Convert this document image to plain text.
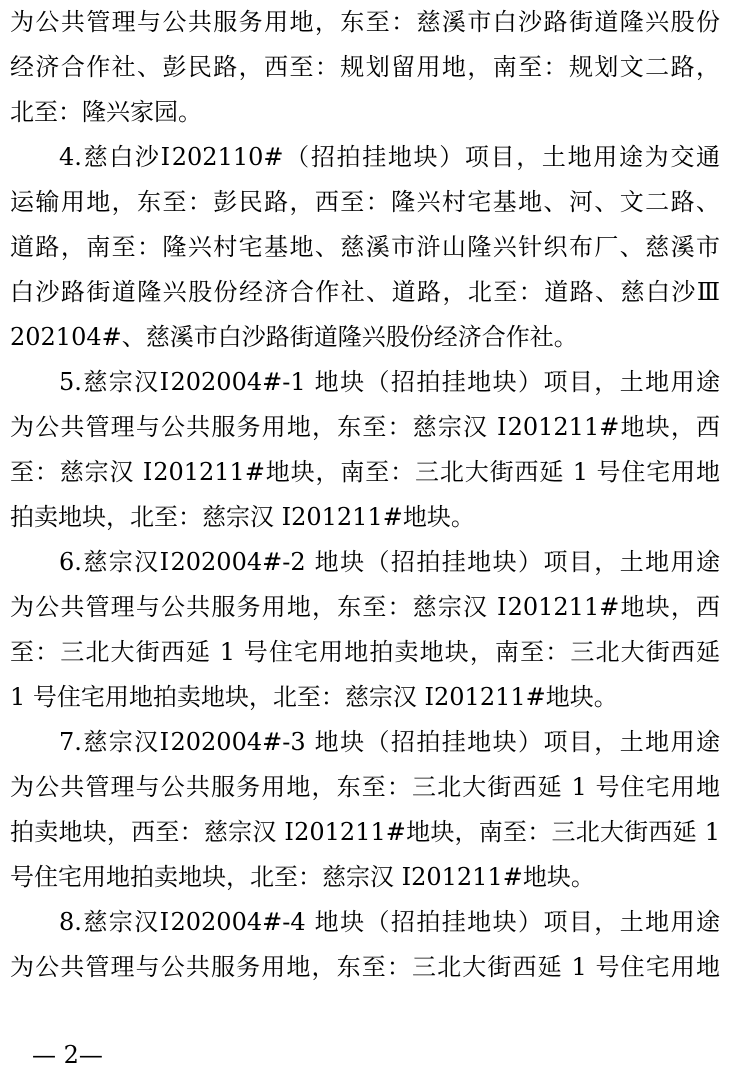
为公共管理与公共服务用地，东至：慈溪市白沙路街道隆兴股份
经济合作社、彭民路，西至：规划留用地，南至：规划文二路，
北至：隆兴家园。
4.慈白沙Ⅰ202110#（招拍挂地块）项目，土地用途为交通
运输用地，东至：彭民路，西至：隆兴村宅基地、河、文二路、
道路，南至：隆兴村宅基地、慈溪市浒山隆兴针织布厂、慈溪市
白沙路街道隆兴股份经济合作社、道路，北至：道路、慈白沙Ⅲ
202104#、慈溪市白沙路街道隆兴股份经济合作社。
5.慈宗汉Ⅰ202004#-1 地块（招拍挂地块）项目，土地用途
为公共管理与公共服务用地，东至：慈宗汉 Ⅰ201211#地块，西
至：慈宗汉 Ⅰ201211#地块，南至：三北大街西延 1 号住宅用地
拍卖地块，北至：慈宗汉 Ⅰ201211#地块。
6.慈宗汉Ⅰ202004#-2 地块（招拍挂地块）项目，土地用途
为公共管理与公共服务用地，东至：慈宗汉 Ⅰ201211#地块，西
至：三北大街西延 1 号住宅用地拍卖地块，南至：三北大街西延
1 号住宅用地拍卖地块，北至：慈宗汉 Ⅰ201211#地块。
7.慈宗汉Ⅰ202004#-3 地块（招拍挂地块）项目，土地用途
为公共管理与公共服务用地，东至：三北大街西延 1 号住宅用地
拍卖地块，西至：慈宗汉 Ⅰ201211#地块，南至：三北大街西延 1
号住宅用地拍卖地块，北至：慈宗汉 Ⅰ201211#地块。
8.慈宗汉Ⅰ202004#-4 地块（招拍挂地块）项目，土地用途
为公共管理与公共服务用地，东至：三北大街西延 1 号住宅用地
— 2—
